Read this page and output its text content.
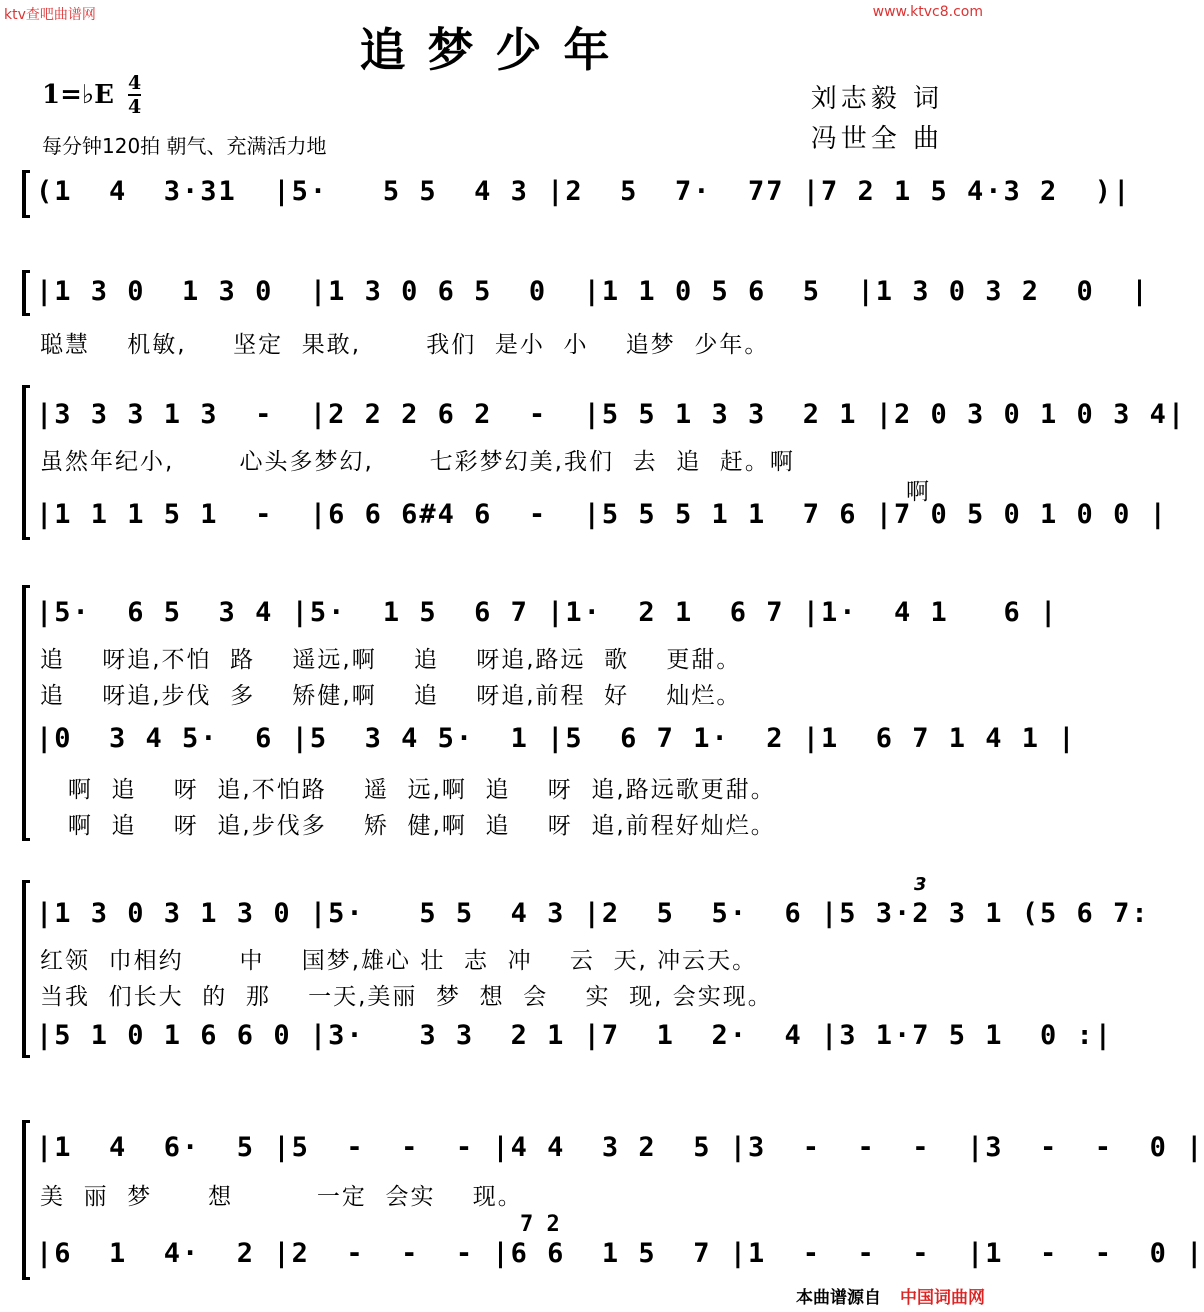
ktv查吧曲谱网	www.ktvc8.com
追梦少年
1=♭E 4
4
每分钟120拍 朝气、充满活力地
刘志毅 词
冯世全 曲
(1  4  3·31  |5·   5 5  4 3 |2  5  7·  77 |7 2 1 5 4·3 2  )|
|1 3 0  1 3 0  |1 3 0 6 5  0  |1 1 0 5 6  5  |1 3 0 3 2  0  |
聪慧    机敏,     坚定  果敢,       我们  是小  小    追梦  少年。
|3 3 3 1 3  -  |2 2 2 6 2  -  |5 5 1 3 3  2 1 |2 0 3 0 1 0 3 4|
虽然年纪小,       心头多梦幻,      七彩梦幻美,我们  去  追  赶。啊
啊
|1 1 1 5 1  -  |6 6 6#4 6  -  |5 5 5 1 1  7 6 |7 0 5 0 1 0 0 |
|5·  6 5  3 4 |5·  1 5  6 7 |1·  2 1  6 7 |1·  4 1   6 |
追    呀追,不怕  路    遥远,啊    追    呀追,路远  歌    更甜。
追    呀追,步伐  多    矫健,啊    追    呀追,前程  好    灿烂。
|0  3 4 5·  6 |5  3 4 5·  1 |5  6 7 1·  2 |1  6 7 1 4 1 |
啊  追    呀  追,不怕路    遥  远,啊  追    呀  追,路远歌更甜。
啊  追    呀  追,步伐多    矫  健,啊  追    呀  追,前程好灿烂。
3
|1 3 0 3 1 3 0 |5·   5 5  4 3 |2  5  5·  6 |5 3·2 3 1 (5 6 7:
红领  巾相约      中    国梦,雄心 壮  志  冲    云  天, 冲云天。
当我  们长大  的  那    一天,美丽  梦  想  会    实  现, 会实现。
|5 1 0 1 6 6 0 |3·   3 3  2 1 |7  1  2·  4 |3 1·7 5 1  0 :|
|1  4  6·  5 |5  -  -  - |4 4  3 2  5 |3  -  -  -  |3  -  -  0 |
美  丽  梦      想         一定  会实    现。
7 2
|6  1  4·  2 |2  -  -  - |6 6  1 5  7 |1  -  -  -  |1  -  -  0 |
本曲谱源自 中国词曲网
